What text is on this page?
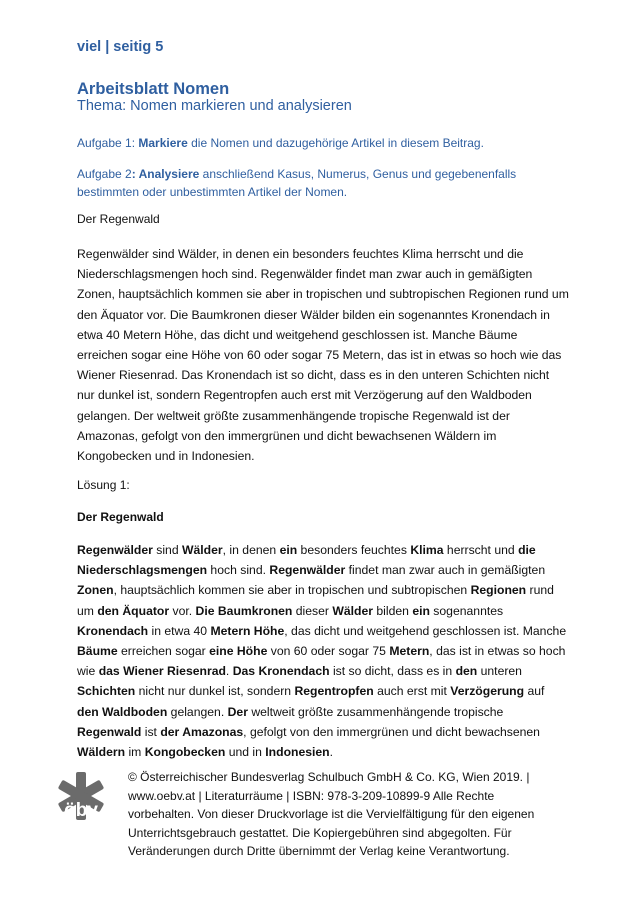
viel | seitig 5
Arbeitsblatt Nomen
Thema: Nomen markieren und analysieren
Aufgabe 1: Markiere die Nomen und dazugehörige Artikel in diesem Beitrag.
Aufgabe 2: Analysiere anschließend Kasus, Numerus, Genus und gegebenenfalls bestimmten oder unbestimmten Artikel der Nomen.
Der Regenwald
Regenwälder sind Wälder, in denen ein besonders feuchtes Klima herrscht und die Niederschlagsmengen hoch sind. Regenwälder findet man zwar auch in gemäßigten Zonen, hauptsächlich kommen sie aber in tropischen und subtropischen Regionen rund um den Äquator vor. Die Baumkronen dieser Wälder bilden ein sogenanntes Kronendach in etwa 40 Metern Höhe, das dicht und weitgehend geschlossen ist. Manche Bäume erreichen sogar eine Höhe von 60 oder sogar 75 Metern, das ist in etwas so hoch wie das Wiener Riesenrad. Das Kronendach ist so dicht, dass es in den unteren Schichten nicht nur dunkel ist, sondern Regentropfen auch erst mit Verzögerung auf den Waldboden gelangen. Der weltweit größte zusammenhängende tropische Regenwald ist der Amazonas, gefolgt von den immergrünen und dicht bewachsenen Wäldern im Kongobecken und in Indonesien.
Lösung 1:
Der Regenwald
Regenwälder sind Wälder, in denen ein besonders feuchtes Klima herrscht und die Niederschlagsmengen hoch sind. Regenwälder findet man zwar auch in gemäßigten Zonen, hauptsächlich kommen sie aber in tropischen und subtropischen Regionen rund um den Äquator vor. Die Baumkronen dieser Wälder bilden ein sogenanntes Kronendach in etwa 40 Metern Höhe, das dicht und weitgehend geschlossen ist. Manche Bäume erreichen sogar eine Höhe von 60 oder sogar 75 Metern, das ist in etwas so hoch wie das Wiener Riesenrad. Das Kronendach ist so dicht, dass es in den unteren Schichten nicht nur dunkel ist, sondern Regentropfen auch erst mit Verzögerung auf den Waldboden gelangen. Der weltweit größte zusammenhängende tropische Regenwald ist der Amazonas, gefolgt von den immergrünen und dicht bewachsenen Wäldern im Kongobecken und in Indonesien.
öbv
© Österreichischer Bundesverlag Schulbuch GmbH & Co. KG, Wien 2019. | www.oebv.at | Literaturräume | ISBN: 978-3-209-10899-9 Alle Rechte vorbehalten. Von dieser Druckvorlage ist die Vervielfältigung für den eigenen Unterrichtsgebrauch gestattet. Die Kopiergebühren sind abgegolten. Für Veränderungen durch Dritte übernimmt der Verlag keine Verantwortung.
